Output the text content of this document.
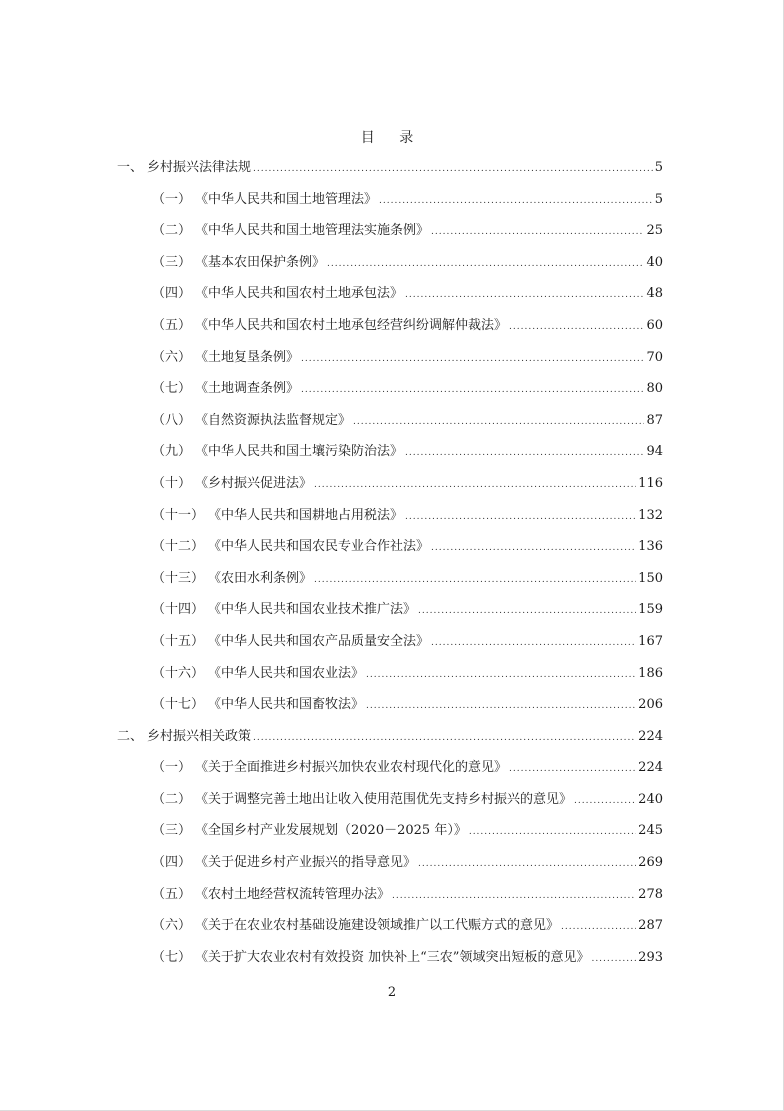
目 录
一、 乡村振兴法律法规 .....	5
（一） 《中华人民共和国土地管理法》 .....	5
（二） 《中华人民共和国土地管理法实施条例》 .....	25
（三） 《基本农田保护条例》 .....	40
（四） 《中华人民共和国农村土地承包法》 .....	48
（五） 《中华人民共和国农村土地承包经营纠纷调解仲裁法》 .....	60
（六） 《土地复垦条例》 .....	70
（七） 《土地调查条例》 .....	80
（八） 《自然资源执法监督规定》 .....	87
（九） 《中华人民共和国土壤污染防治法》 .....	94
（十） 《乡村振兴促进法》 .....	116
（十一） 《中华人民共和国耕地占用税法》 .....	132
（十二） 《中华人民共和国农民专业合作社法》 .....	136
（十三） 《农田水利条例》 .....	150
（十四） 《中华人民共和国农业技术推广法》 .....	159
（十五） 《中华人民共和国农产品质量安全法》 .....	167
（十六） 《中华人民共和国农业法》 .....	186
（十七） 《中华人民共和国畜牧法》 .....	206
二、 乡村振兴相关政策 .....	224
（一） 《关于全面推进乡村振兴加快农业农村现代化的意见》 .....	224
（二） 《关于调整完善土地出让收入使用范围优先支持乡村振兴的意见》 .....	240
（三） 《全国乡村产业发展规划（2020－2025 年）》 .....	245
（四） 《关于促进乡村产业振兴的指导意见》 .....	269
（五） 《农村土地经营权流转管理办法》 .....	278
（六） 《关于在农业农村基础设施建设领域推广以工代赈方式的意见》 .....	287
（七） 《关于扩大农业农村有效投资 加快补上“三农”领域突出短板的意见》 .....	293
2
